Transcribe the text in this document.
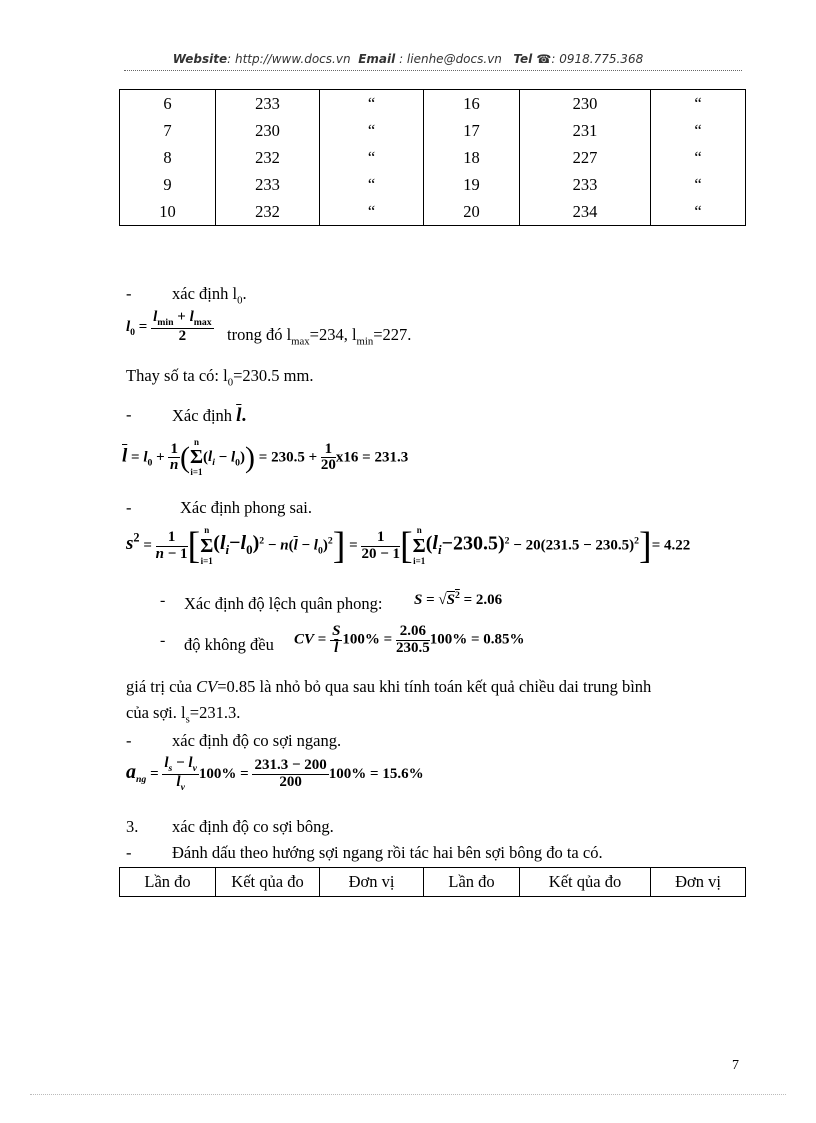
Website: http://www.docs.vn Email : lienhe@docs.vn Tel ☎: 0918.775.368
6	233	“	16	230	“
7	230	“	17	231	“
8	232	“	18	227	“
9	233	“	19	233	“
10	232	“	20	234	“
- xác định $l_0$.
$l_0 = \frac{l_{min} + l_{max}}{2}$ trong đó $l_{max}=234$, $l_{min}=227$.
Thay số ta có: $l_0=230.5$ mm.
- Xác định $\overline{l}$.
$\overline{l} = l_0 + \frac{1}{n}$ ( n
Σ
i=1
$(l_i - l_0)) = 230.5 + \frac{1}{20} x16 = 231.3$
-	Xác định phong sai.
$s^2 = \frac{1}{n - 1}$ [ n
Σ
i=1
$(l_i-l_0)^2 - n(\overline{l} - l_0)^2] = \frac{1}{20 - 1}$ [ n
Σ
i=1
$(l_i-230.5)^2 - 20(231.5 - 230.5)^2]= 4.22$
- Xác định độ lệch quân phong: $S = √S^2 = 2.06$
- độ không đều CV = $\frac{S}{l} 100\% = \frac{2.06}{230.5} 100\% = 0.85\%$
giá trị của CV=0.85 là nhỏ bỏ qua sau khi tính toán kết quả chiều dai trung bình
của sợi. $l_s=231.3$.
- xác định độ co sợi ngang.
$a_{ng} = \frac{l_s - l_v}{l_v} 100\% = \frac{231.3 - 200}{200} 100\% = 15.6\%$
3. xác định độ co sợi bông.
- Đánh dấu theo hướng sợi ngang rồi tác hai bên sợi bông đo ta có.
Lần đo	Kết qủa đo	Đơn vị	Lần đo	Kết qủa đo	Đơn vị
7
